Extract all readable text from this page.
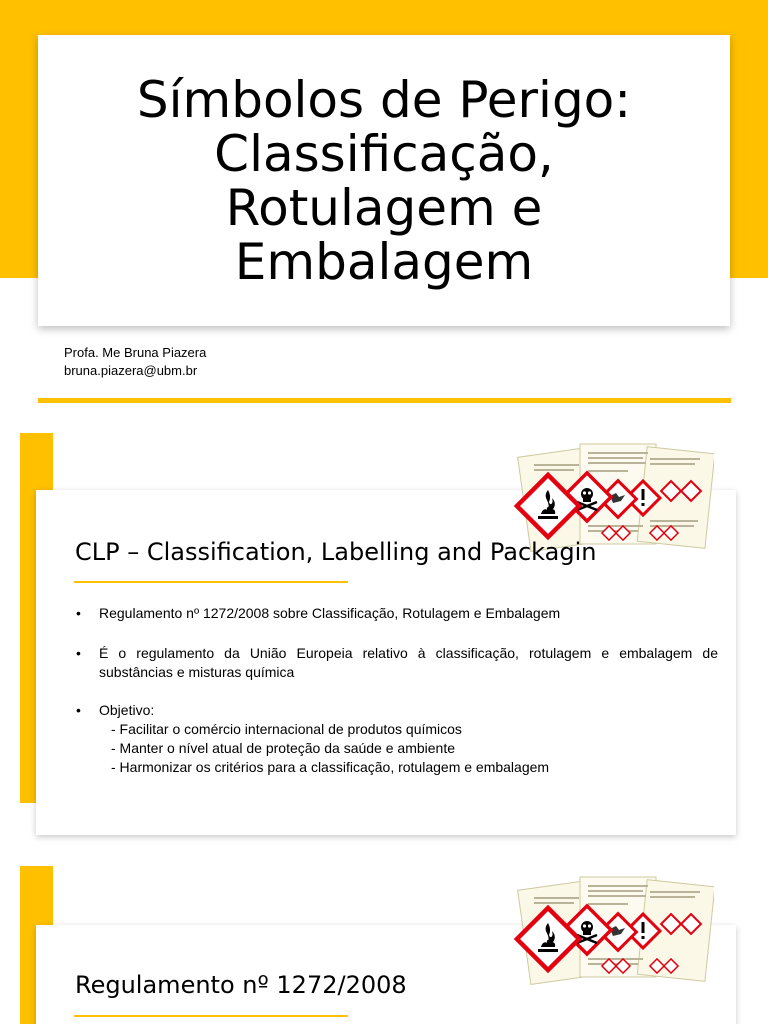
Símbolos de Perigo: Classificação, Rotulagem e Embalagem
Profa. Me Bruna Piazera
bruna.piazera@ubm.br
CLP – Classification, Labelling and Packagin
• Regulamento nº 1272/2008 sobre Classificação, Rotulagem e Embalagem
• É o regulamento da União Europeia relativo à classificação, rotulagem e embalagem de substâncias e misturas química
• Objetivo:
- Facilitar o comércio internacional de produtos químicos
- Manter o nível atual de proteção da saúde e ambiente
- Harmonizar os critérios para a classificação, rotulagem e embalagem
Regulamento nº 1272/2008
